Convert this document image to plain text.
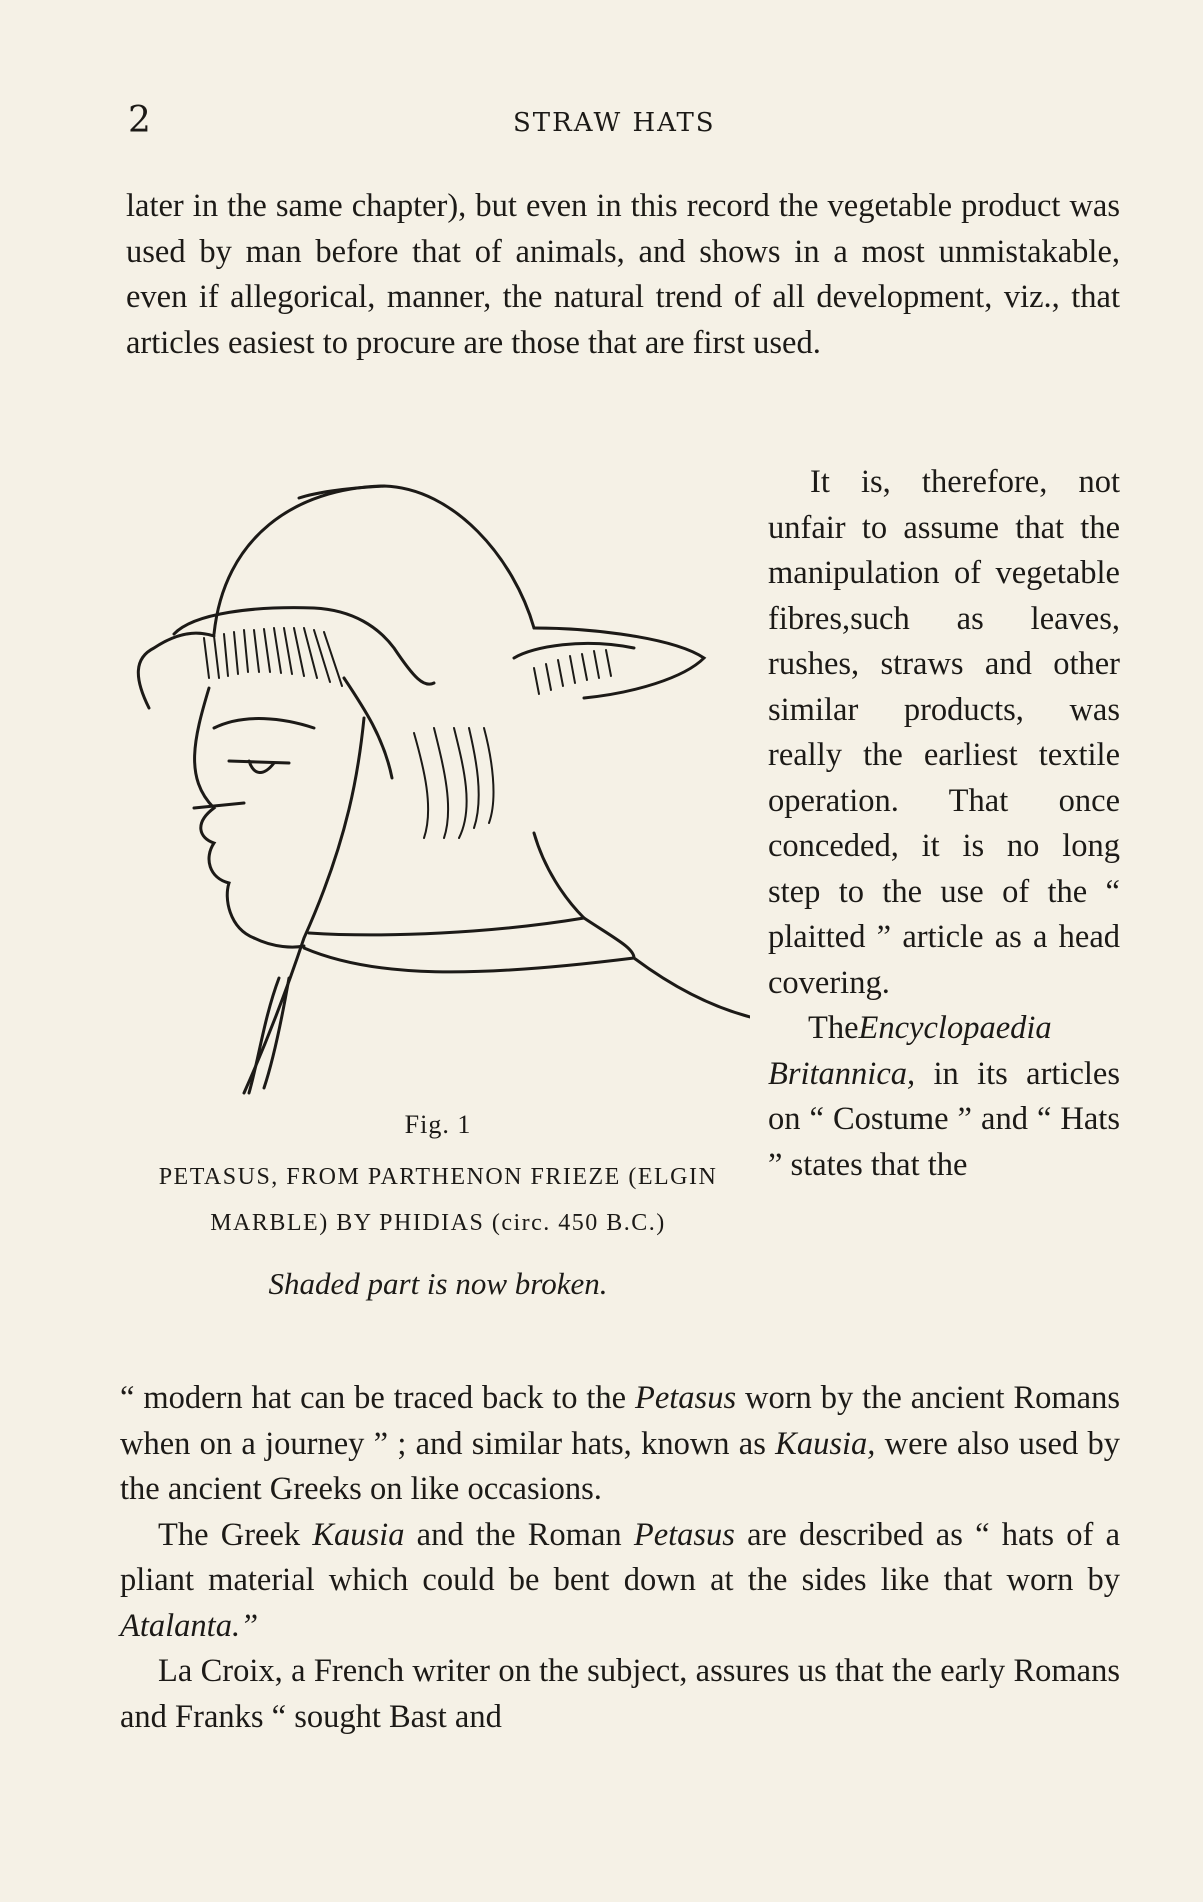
2	STRAW HATS

later in the same chapter), but even in this record the vegetable product was used by man before that of animals, and shows in a most unmistakable, even if allegorical, manner, the natural trend of all development, viz., that articles easiest to procure are those that are first used.

Fig. 1

PETASUS, FROM PARTHENON FRIEZE (ELGIN MARBLE) BY PHIDIAS (circ. 450 B.C.)

Shaded part is now broken.

It is, therefore, not unfair to assume that the manipulation of vegetable fibres,such as leaves, rushes, straws and other similar products, was really the earliest textile operation. That once conceded, it is no long step to the use of the “ plaitted ” article as a head covering.

TheEncyclopaedia Britannica, in its articles on “ Costume ” and “ Hats ” states that the

“ modern hat can be traced back to the Petasus worn by the ancient Romans when on a journey ” ; and similar hats, known as Kausia, were also used by the ancient Greeks on like occasions.

The Greek Kausia and the Roman Petasus are described as “ hats of a pliant material which could be bent down at the sides like that worn by Atalanta.”

La Croix, a French writer on the subject, assures us that the early Romans and Franks “ sought Bast and
